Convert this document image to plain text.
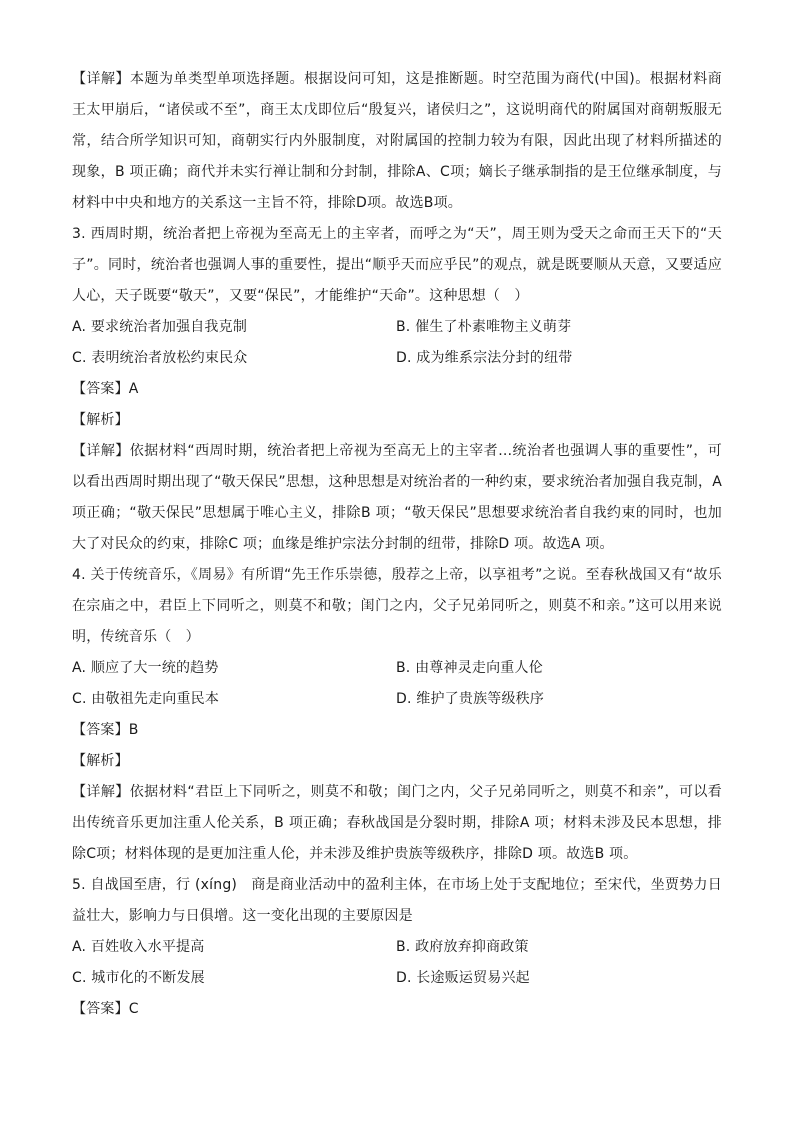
【详解】本题为单类型单项选择题。根据设问可知，这是推断题。时空范围为商代(中国)。根据材料商王太甲崩后，“诸侯或不至”，商王太戊即位后“殷复兴，诸侯归之”，这说明商代的附属国对商朝叛服无常，结合所学知识可知，商朝实行内外服制度，对附属国的控制力较为有限，因此出现了材料所描述的现象，B 项正确；商代并未实行禅让制和分封制，排除A、C项；嫡长子继承制指的是王位继承制度，与材料中中央和地方的关系这一主旨不符，排除D项。故选B项。

3. 西周时期，统治者把上帝视为至高无上的主宰者，而呼之为“天”，周王则为受天之命而王天下的“天子”。同时，统治者也强调人事的重要性，提出“顺乎天而应乎民”的观点，就是既要顺从天意，又要适应人心，天子既要“敬天”，又要“保民”，才能维护“天命”。这种思想（　）

A. 要求统治者加强自我克制	B. 催生了朴素唯物主义萌芽
C. 表明统治者放松约束民众	D. 成为维系宗法分封的纽带

【答案】A

【解析】

【详解】依据材料“西周时期，统治者把上帝视为至高无上的主宰者…统治者也强调人事的重要性”，可以看出西周时期出现了“敬天保民”思想，这种思想是对统治者的一种约束，要求统治者加强自我克制，A 项正确；“敬天保民”思想属于唯心主义，排除B 项；“敬天保民”思想要求统治者自我约束的同时，也加大了对民众的约束，排除C 项；血缘是维护宗法分封制的纽带，排除D 项。故选A 项。

4. 关于传统音乐，《周易》有所谓“先王作乐崇德，殷荐之上帝，以享祖考”之说。至春秋战国又有“故乐在宗庙之中，君臣上下同听之，则莫不和敬；闺门之内，父子兄弟同听之，则莫不和亲。”这可以用来说明，传统音乐（　）

A. 顺应了大一统的趋势	B. 由尊神灵走向重人伦
C. 由敬祖先走向重民本	D. 维护了贵族等级秩序

【答案】B

【解析】

【详解】依据材料“君臣上下同听之，则莫不和敬；闺门之内，父子兄弟同听之，则莫不和亲”，可以看出传统音乐更加注重人伦关系，B 项正确；春秋战国是分裂时期，排除A 项；材料未涉及民本思想，排除C项；材料体现的是更加注重人伦，并未涉及维护贵族等级秩序，排除D 项。故选B 项。

5. 自战国至唐，行 (xíng)　商是商业活动中的盈利主体，在市场上处于支配地位；至宋代，坐贾势力日益壮大，影响力与日俱增。这一变化出现的主要原因是

A. 百姓收入水平提高	B. 政府放弃抑商政策
C. 城市化的不断发展	D. 长途贩运贸易兴起

【答案】C
